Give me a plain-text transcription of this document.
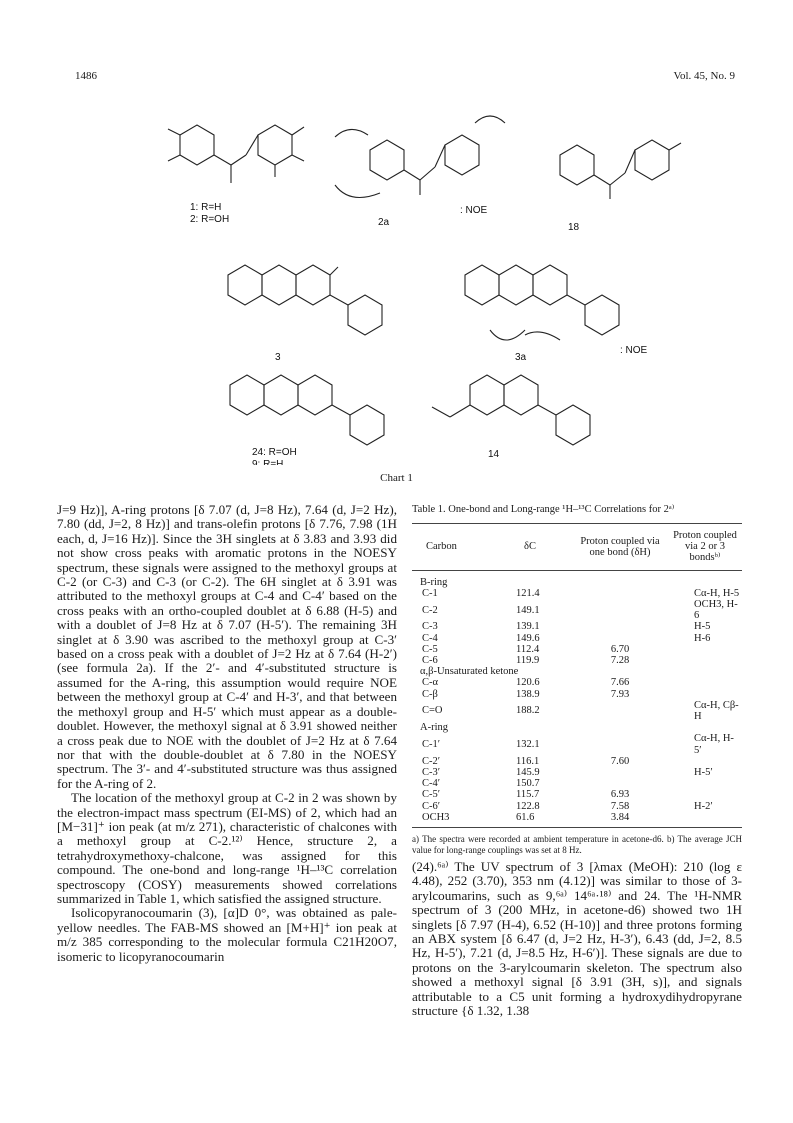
1486	Vol. 45, No. 9
1: R=H
2: R=OH	2a	18
3	3a
9: R=H
24: R=OH	14
: NOE
: NOE
Chart 1

J=9 Hz)], A-ring protons [δ 7.07 (d, J=8 Hz), 7.64 (d, J=2 Hz), 7.80 (dd, J=2, 8 Hz)] and trans-olefin protons [δ 7.76, 7.98 (1H each, d, J=16 Hz)]. Since the 3H singlets at δ 3.83 and 3.93 did not show cross peaks with aromatic protons in the NOESY spectrum, these signals were assigned to the methoxyl groups at C-2 (or C-3) and C-3 (or C-2). The 6H singlet at δ 3.91 was attributed to the methoxyl groups at C-4 and C-4′ based on the cross peaks with an ortho-coupled doublet at δ 6.88 (H-5) and with a doublet of J=8 Hz at δ 7.07 (H-5′). The remaining 3H singlet at δ 3.90 was ascribed to the methoxyl group at C-3′ based on a cross peak with a doublet of J=2 Hz at δ 7.64 (H-2′) (see formula 2a). If the 2′- and 4′-substituted structure is assumed for the A-ring, this assumption would require NOE between the methoxyl group at C-4′ and H-3′, and that between the methoxyl group and H-5′ which must appear as a double-doublet. However, the methoxyl signal at δ 3.91 showed neither a cross peak due to NOE with the doublet of J=2 Hz at δ 7.64 nor that with the double-doublet at δ 7.80 in the NOESY spectrum. The 3′- and 4′-substituted structure was thus assigned for the A-ring of 2.

The location of the methoxyl group at C-2 in 2 was shown by the electron-impact mass spectrum (EI-MS) of 2, which had an [M−31]⁺ ion peak (at m/z 271), characteristic of chalcones with a methoxyl group at C-2.¹²⁾ Hence, structure 2, a tetrahydroxymethoxy-chalcone, was assigned for this compound. The one-bond and long-range ¹H–¹³C correlation spectroscopy (COSY) measurements showed correlations summarized in Table 1, which satisfied the assigned structure.

Isolicopyranocoumarin (3), [α]D 0°, was obtained as pale-yellow needles. The FAB-MS showed an [M+H]⁺ ion peak at m/z 385 corresponding to the molecular formula C21H20O7, isomeric to licopyranocoumarin

Table 1. One-bond and Long-range ¹H–¹³C Correlations for 2ᵃ⁾
Carbon	δC	Proton coupled via one bond (δH)	Proton coupled via 2 or 3 bondsᵇ⁾
B-ring			
C-1	121.4		Cα-H, H-5
C-2	149.1		OCH3, H-6
C-3	139.1		H-5
C-4	149.6		H-6
C-5	112.4	6.70	
C-6	119.9	7.28	
α,β-Unsaturated ketone			
C-α	120.6	7.66	
C-β	138.9	7.93	
C=O	188.2		Cα-H, Cβ-H
A-ring			
C-1′	132.1		Cα-H, H-5′
C-2′	116.1	7.60	
C-3′	145.9		H-5′
C-4′	150.7		
C-5′	115.7	6.93	
C-6′	122.8	7.58	H-2′
OCH3	61.6	3.84	
a) The spectra were recorded at ambient temperature in acetone-d6. b) The average JCH value for long-range couplings was set at 8 Hz.

(24).⁶ᵃ⁾ The UV spectrum of 3 [λmax (MeOH): 210 (log ε 4.48), 252 (3.70), 353 nm (4.12)] was similar to those of 3-arylcoumarins, such as 9,⁶ᵃ⁾ 14⁶ᵃ·¹⁸⁾ and 24. The ¹H-NMR spectrum of 3 (200 MHz, in acetone-d6) showed two 1H singlets [δ 7.97 (H-4), 6.52 (H-10)] and three protons forming an ABX system [δ 6.47 (d, J=2 Hz, H-3′), 6.43 (dd, J=2, 8.5 Hz, H-5′), 7.21 (d, J=8.5 Hz, H-6′)]. These signals are due to protons on the 3-arylcoumarin skeleton. The spectrum also showed a methoxyl signal [δ 3.91 (3H, s)], and signals attributable to a C5 unit forming a hydroxydihydropyrane structure {δ 1.32, 1.38
